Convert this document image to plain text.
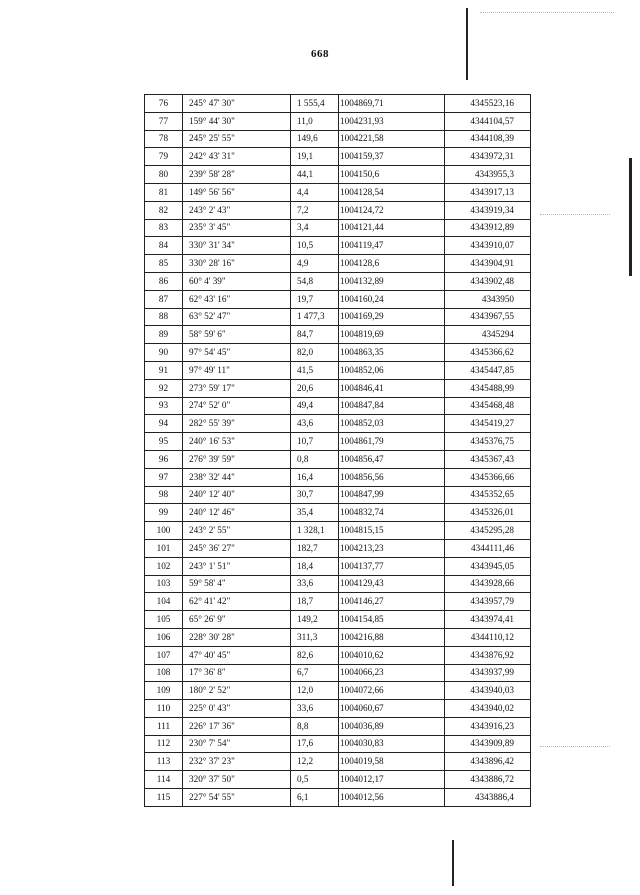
668
76	245° 47' 30"	1 555,4	1004869,71	4345523,16
77	159° 44' 30"	11,0	1004231,93	4344104,57
78	245° 25' 55"	149,6	1004221,58	4344108,39
79	242° 43' 31"	19,1	1004159,37	4343972,31
80	239° 58' 28"	44,1	1004150,6	4343955,3
81	149° 56' 56"	4,4	1004128,54	4343917,13
82	243° 2' 43"	7,2	1004124,72	4343919,34
83	235° 3' 45"	3,4	1004121,44	4343912,89
84	330° 31' 34"	10,5	1004119,47	4343910,07
85	330° 28' 16"	4,9	1004128,6	4343904,91
86	60° 4' 39"	54,8	1004132,89	4343902,48
87	62° 43' 16"	19,7	1004160,24	4343950
88	63° 52' 47"	1 477,3	1004169,29	4343967,55
89	58° 59' 6"	84,7	1004819,69	4345294
90	97° 54' 45"	82,0	1004863,35	4345366,62
91	97° 49' 11"	41,5	1004852,06	4345447,85
92	273° 59' 17"	20,6	1004846,41	4345488,99
93	274° 52' 0"	49,4	1004847,84	4345468,48
94	282° 55' 39"	43,6	1004852,03	4345419,27
95	240° 16' 53"	10,7	1004861,79	4345376,75
96	276° 39' 59"	0,8	1004856,47	4345367,43
97	238° 32' 44"	16,4	1004856,56	4345366,66
98	240° 12' 40"	30,7	1004847,99	4345352,65
99	240° 12' 46"	35,4	1004832,74	4345326,01
100	243° 2' 55"	1 328,1	1004815,15	4345295,28
101	245° 36' 27"	182,7	1004213,23	4344111,46
102	243° 1' 51"	18,4	1004137,77	4343945,05
103	59° 58' 4"	33,6	1004129,43	4343928,66
104	62° 41' 42"	18,7	1004146,27	4343957,79
105	65° 26' 9"	149,2	1004154,85	4343974,41
106	228° 30' 28"	311,3	1004216,88	4344110,12
107	47° 40' 45"	82,6	1004010,62	4343876,92
108	17° 36' 8"	6,7	1004066,23	4343937,99
109	180° 2' 52"	12,0	1004072,66	4343940,03
110	225° 0' 43"	33,6	1004060,67	4343940,02
111	226° 17' 36"	8,8	1004036,89	4343916,23
112	230° 7' 54"	17,6	1004030,83	4343909,89
113	232° 37' 23"	12,2	1004019,58	4343896,42
114	320° 37' 50"	0,5	1004012,17	4343886,72
115	227° 54' 55"	6,1	1004012,56	4343886,4
